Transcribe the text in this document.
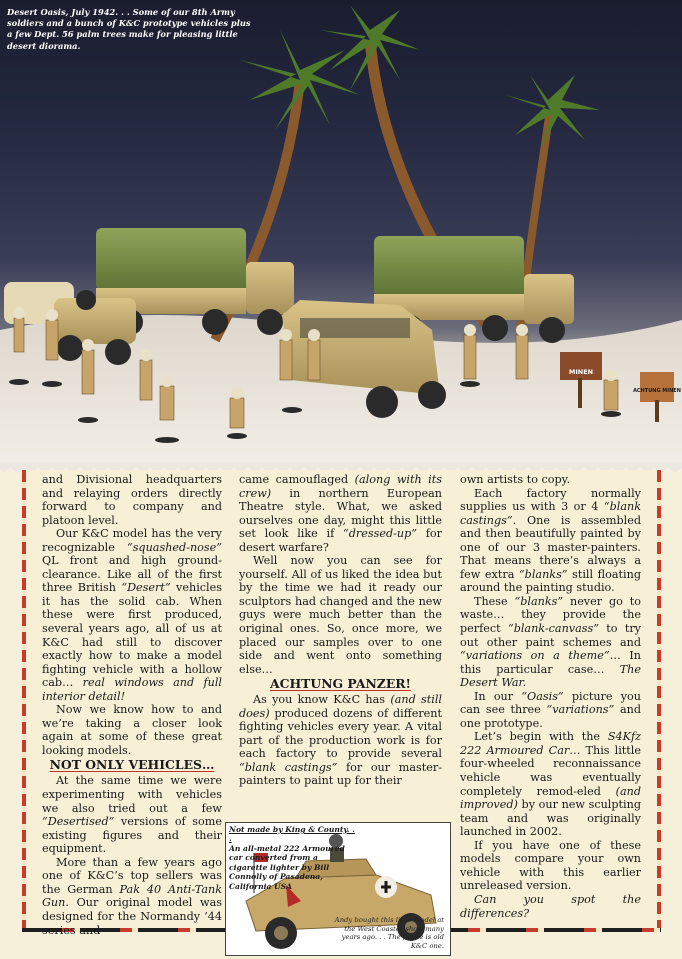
MINEN
ACHTUNG MINEN
Desert Oasis, July 1942. . . Some of our 8th Army soldiers and a bunch of K&C prototype vehicles plus a few Dept. 56 palm trees make for pleasing little desert diorama.

and Divisional headquarters and relaying orders directly forward to company and platoon level.

Our K&C model has the very recognizable “squashed-nose” QL front and high ground-clearance. Like all of the first three British “Desert” vehicles it has the solid cab. When these were first produced, several years ago, all of us at K&C had still to discover exactly how to make a model fighting vehicle with a hollow cab… real windows and full interior detail!

Now we know how to and we’re taking a closer look again at some of these great looking models.

NOT ONLY VEHICLES…

At the same time we were experimenting with vehicles we also tried out a few “Desertised” versions of some existing figures and their equipment.

More than a few years ago one of K&C’s top sellers was the German Pak 40 Anti-Tank Gun. Our original model was designed for the Normandy ’44 series and

came camouflaged (along with its crew) in northern European Theatre style. What, we asked ourselves one day, might this little set look like if “dressed-up” for desert warfare?

Well now you can see for yourself. All of us liked the idea but by the time we had it ready our sculptors had changed and the new guys were much better than the original ones. So, once more, we placed our samples over to one side and went onto something else…

ACHTUNG PANZER!

As you know K&C has (and still does) produced dozens of different fighting vehicles every year. A vital part of the production work is for each factory to provide several “blank castings” for our master-painters to paint up for their

own artists to copy.

Each factory normally supplies us with 3 or 4 “blank castings”. One is assembled and then beautifully painted by one of our 3 master-painters. That means there’s always a few extra “blanks” still floating around the painting studio.

These “blanks” never go to waste… they provide the perfect “blank-canvass” to try out other paint schemes and “variations on a theme”… In this particular case… The Desert War.

In our “Oasis” picture you can see three “variations” and one prototype.

Let’s begin with the S4Kfz 222 Armoured Car… This little four-wheeled reconnaissance vehicle was eventually completely remod-eled (and improved) by our new sculpting team and was originally launched in 2002.

If you have one of these models compare your own vehicle with this earlier unreleased version.

Can you spot the differences?

Not made by King & County. . .
An all-metal 222 Armoured car converted from a cigarette lighter by Bill Connolly of Pasadena, California USA
Andy bought this little model at the West Coaster show many years ago. . . The figure is old K&C one.
